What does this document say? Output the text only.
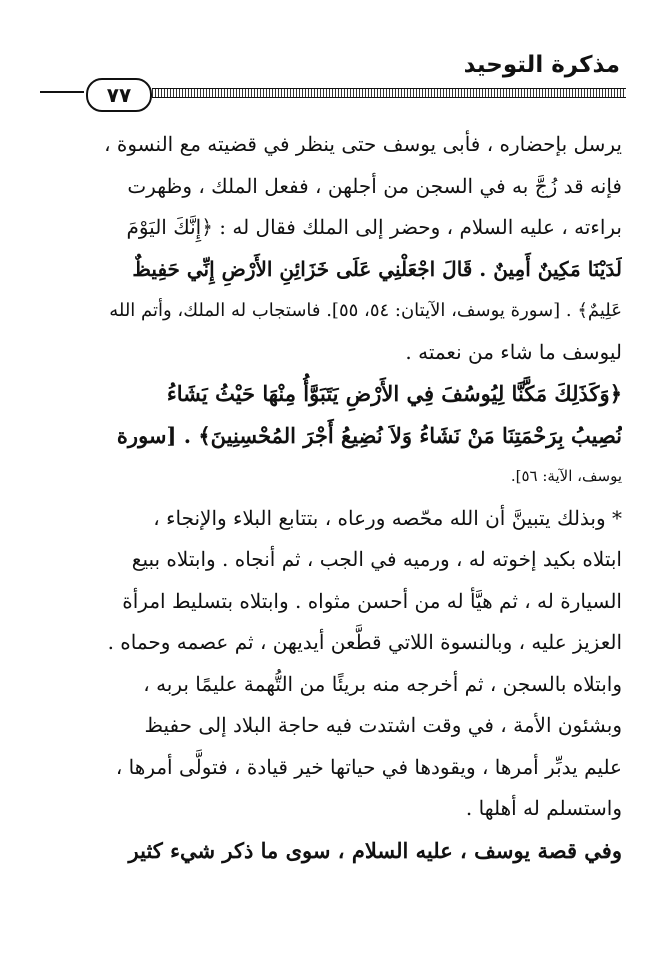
مذكرة التوحيد
٧٧
يرسل بإحضاره ، فأبى يوسف حتى ينظر في قضيته مع النسوة ،
فإنه قد زُجَّ به في السجن من أجلهن ، ففعل الملك ، وظهرت
براءته ، عليه السلام ، وحضر إلى الملك فقال له : ﴿إِنَّكَ اليَوْمَ
لَدَيْنَا مَكِينٌ أَمِينٌ . قَالَ اجْعَلْنِي عَلَى خَزَائِنِ الأَرْضِ إِنِّي حَفِيظٌ
عَلِيمٌ﴾ . [سورة يوسف، الآيتان: ٥٤، ٥٥]. فاستجاب له الملك، وأتم الله
ليوسف ما شاء من نعمته .
﴿وَكَذَلِكَ مَكَّنَّا لِيُوسُفَ فِي الأَرْضِ يَتَبَوَّأُ مِنْهَا حَيْثُ يَشَاءُ
نُصِيبُ بِرَحْمَتِنَا مَنْ نَشَاءُ وَلاَ نُضِيعُ أَجْرَ المُحْسِنِينَ﴾ . [سورة
يوسف، الآية: ٥٦].
* وبذلك يتبينَّ أن الله محّصه ورعاه ، بتتابع البلاء والإنجاء ،
ابتلاه بكيد إخوته له ، ورميه في الجب ، ثم أنجاه . وابتلاه ببيع
السيارة له ، ثم هيَّأ له من أحسن مثواه . وابتلاه بتسليط امرأة
العزيز عليه ، وبالنسوة اللاتي قطَّعن أيديهن ، ثم عصمه وحماه .
وابتلاه بالسجن ، ثم أخرجه منه بريئًا من التُّهمة عليمًا بربه ،
وبشئون الأمة ، في وقت اشتدت فيه حاجة البلاد إلى حفيظ
عليم يدبِّر أمرها ، ويقودها في حياتها خير قيادة ، فتولَّى أمرها ،
واستسلم له أهلها .
وفي قصة يوسف ، عليه السلام ، سوى ما ذكر شيء كثير
